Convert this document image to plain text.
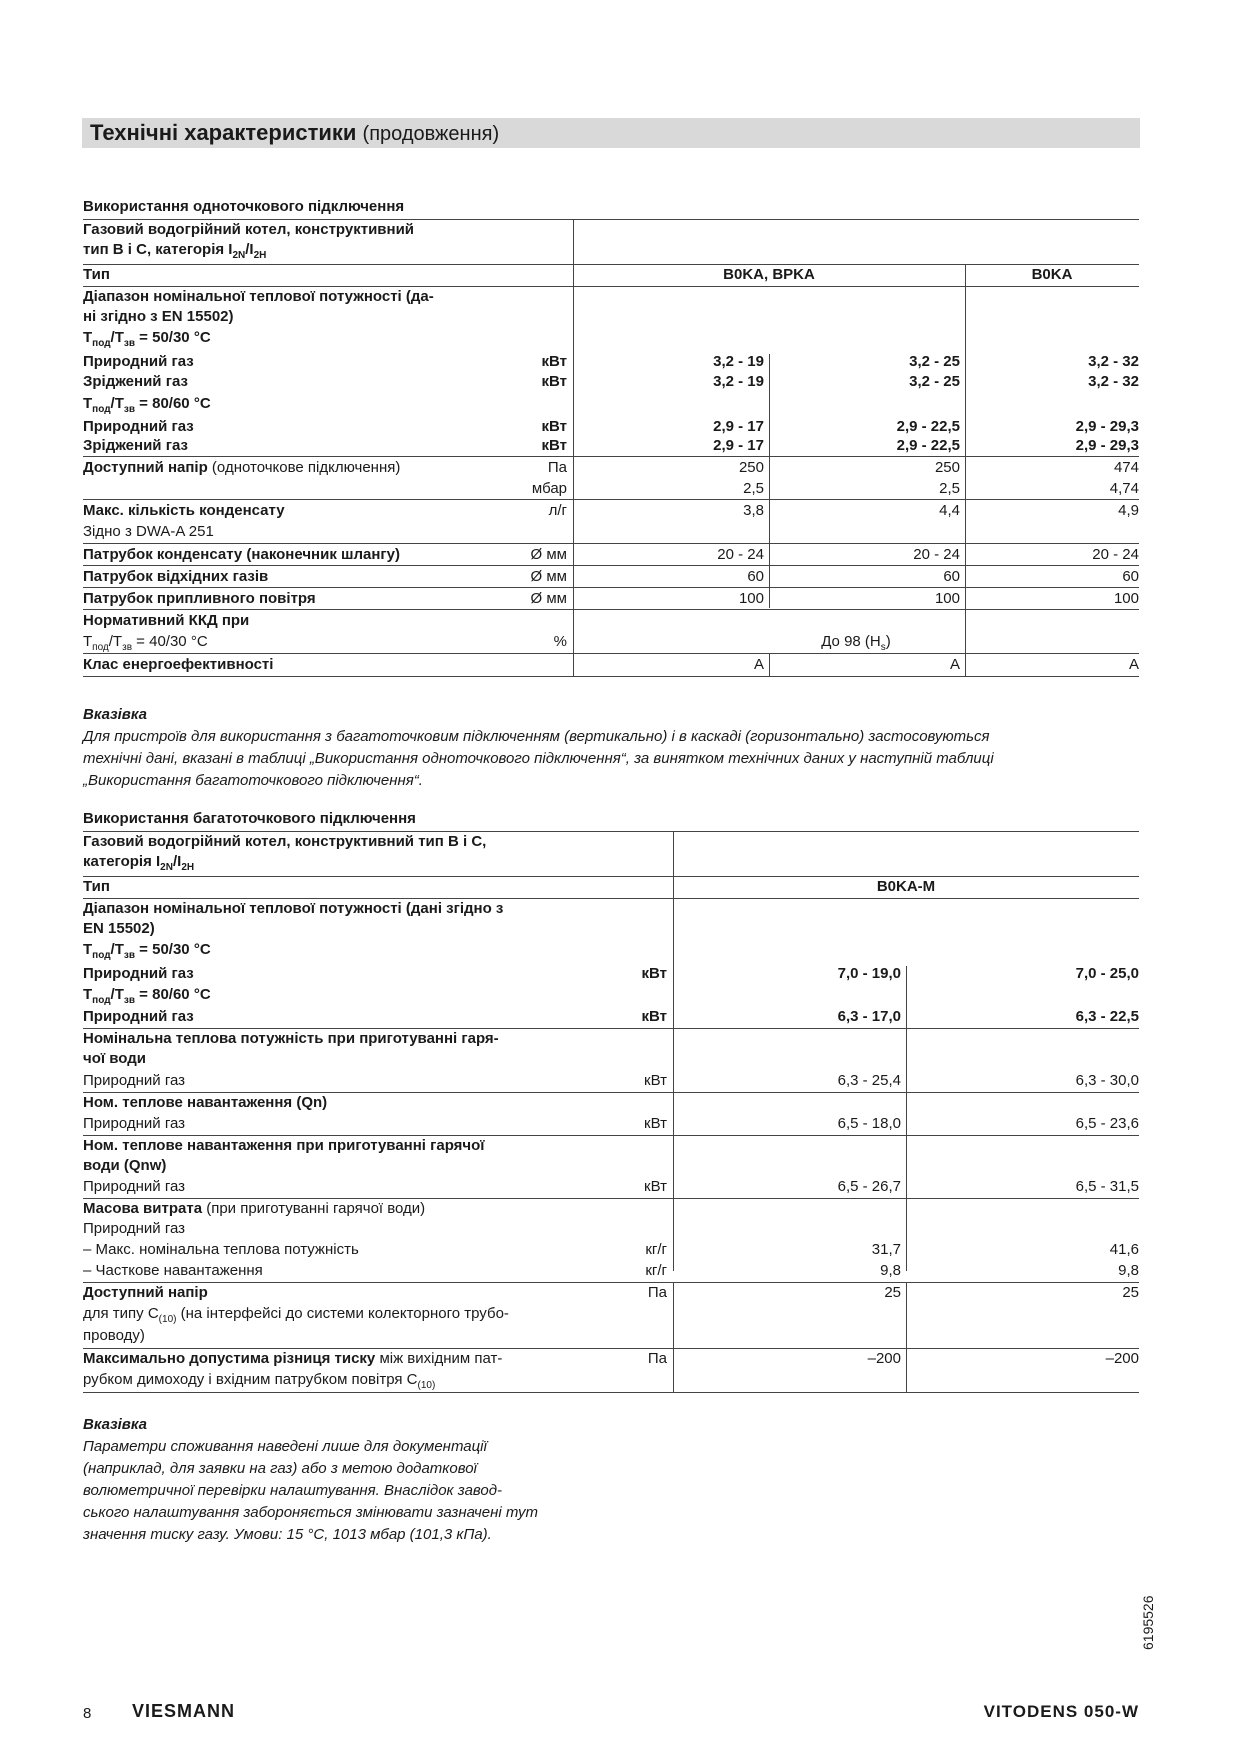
Технічні характеристики (продовження)
Використання одноточкового підключення
Газовий водогрійний котел, конструктивний
тип B і C, категорія $I_{2N}/I_{2H}$
Тип	B0KA, BPKA	B0KA
Діапазон номінальної теплової потужності (да-
ні згідно з EN 15502)
$T_{под}/T_{зв} = 50/30$ °C
Природний газ	кВт	3,2 - 19	3,2 - 25	3,2 - 32
Зріджений газ	кВт	3,2 - 19	3,2 - 25	3,2 - 32
$T_{под}/T_{зв} = 80/60$ °C
Природний газ	кВт	2,9 - 17	2,9 - 22,5	2,9 - 29,3
Зріджений газ	кВт	2,9 - 17	2,9 - 22,5	2,9 - 29,3
Доступний напір (одноточкове підключення)	Па	250	250	474
мбар	2,5	2,5	4,74
Макс. кількість конденсату	л/г	3,8	4,4	4,9
Зідно з DWA-A 251
Патрубок конденсату (наконечник шлангу)	Ø мм	20 - 24	20 - 24	20 - 24
Патрубок відхідних газів	Ø мм	60	60	60
Патрубок припливного повітря	Ø мм	100	100	100
Нормативний ККД при
$T_{под}/T_{зв} = 40/30$ °C	%	До 98 $(H_s)$
Клас енергоефективності	A	A	A
Вказівка
Для пристроїв для використання з багатоточковим підключенням (вертикально) і в каскаді (горизонтально) застосовуються
технічні дані, вказані в таблиці „Використання одноточкового підключення“, за винятком технічних даних у наступній таблиці
„Використання багатоточкового підключення“.
Використання багатоточкового підключення
Газовий водогрійний котел, конструктивний тип B і C,
категорія $I_{2N}/I_{2H}$
Тип	B0KA-M
Діапазон номінальної теплової потужності (дані згідно з
EN 15502)
$T_{под}/T_{зв} = 50/30$ °C
Природний газ	кВт	7,0 - 19,0	7,0 - 25,0
$T_{под}/T_{зв} = 80/60$ °C
Природний газ	кВт	6,3 - 17,0	6,3 - 22,5
Номінальна теплова потужність при приготуванні гаря-
чої води
Природний газ	кВт	6,3 - 25,4	6,3 - 30,0
Ном. теплове навантаження (Qn)
Природний газ	кВт	6,5 - 18,0	6,5 - 23,6
Ном. теплове навантаження при приготуванні гарячої
води (Qnw)
Природний газ	кВт	6,5 - 26,7	6,5 - 31,5
Масова витрата (при приготуванні гарячої води)
Природний газ
– Макс. номінальна теплова потужність	кг/г	31,7	41,6
– Часткове навантаження	кг/г	9,8	9,8
Доступний напір	Па	25	25
для типу $C_{(10)}$ (на інтерфейсі до системи колекторного трубо-
проводу)
Максимально допустима різниця тиску між вихідним пат-	Па	–200	–200
рубком димоходу і вхідним патрубком повітря $C_{(10)}$
Вказівка
Параметри споживання наведені лише для документації
(наприклад, для заявки на газ) або з метою додаткової
волюметричної перевірки налаштування. Внаслідок завод-
ського налаштування забороняється змінювати зазначені тут
значення тиску газу. Умови: 15 °C, 1013 мбар (101,3 кПа).
6195526
8 VIESMANN	VITODENS 050-W
